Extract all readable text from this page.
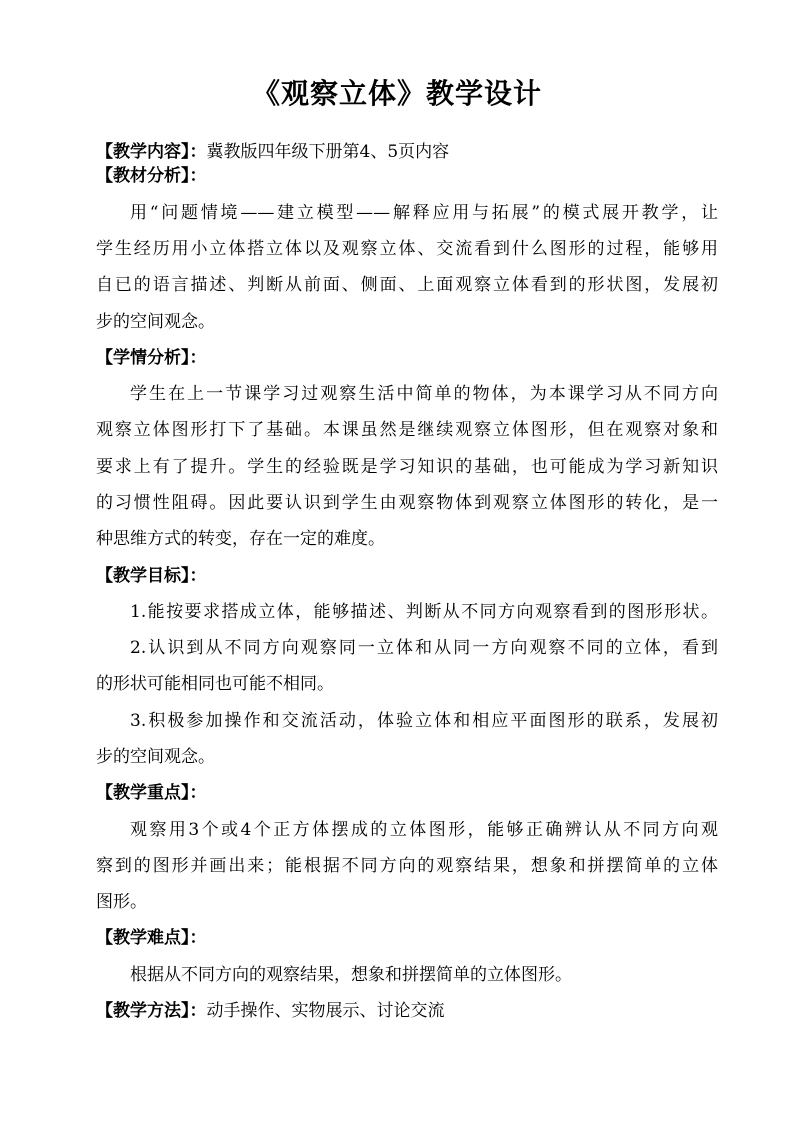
《观察立体》教学设计
【教学内容】：冀教版四年级下册第4、5页内容
【教材分析】：
用“问题情境——建立模型——解释应用与拓展”的模式展开教学，让
学生经历用小立体搭立体以及观察立体、交流看到什么图形的过程，能够用
自已的语言描述、判断从前面、侧面、上面观察立体看到的形状图，发展初
步的空间观念。
【学情分析】：
学生在上一节课学习过观察生活中简单的物体，为本课学习从不同方向
观察立体图形打下了基础。本课虽然是继续观察立体图形，但在观察对象和
要求上有了提升。学生的经验既是学习知识的基础，也可能成为学习新知识
的习惯性阻碍。因此要认识到学生由观察物体到观察立体图形的转化，是一
种思维方式的转变，存在一定的难度。
【教学目标】：
1.能按要求搭成立体，能够描述、判断从不同方向观察看到的图形形状。
2.认识到从不同方向观察同一立体和从同一方向观察不同的立体，看到
的形状可能相同也可能不相同。
3.积极参加操作和交流活动，体验立体和相应平面图形的联系，发展初
步的空间观念。
【教学重点】：
观察用3个或4个正方体摆成的立体图形，能够正确辨认从不同方向观
察到的图形并画出来；能根据不同方向的观察结果，想象和拼摆简单的立体
图形。
【教学难点】：
根据从不同方向的观察结果，想象和拼摆简单的立体图形。
【教学方法】：动手操作、实物展示、讨论交流
